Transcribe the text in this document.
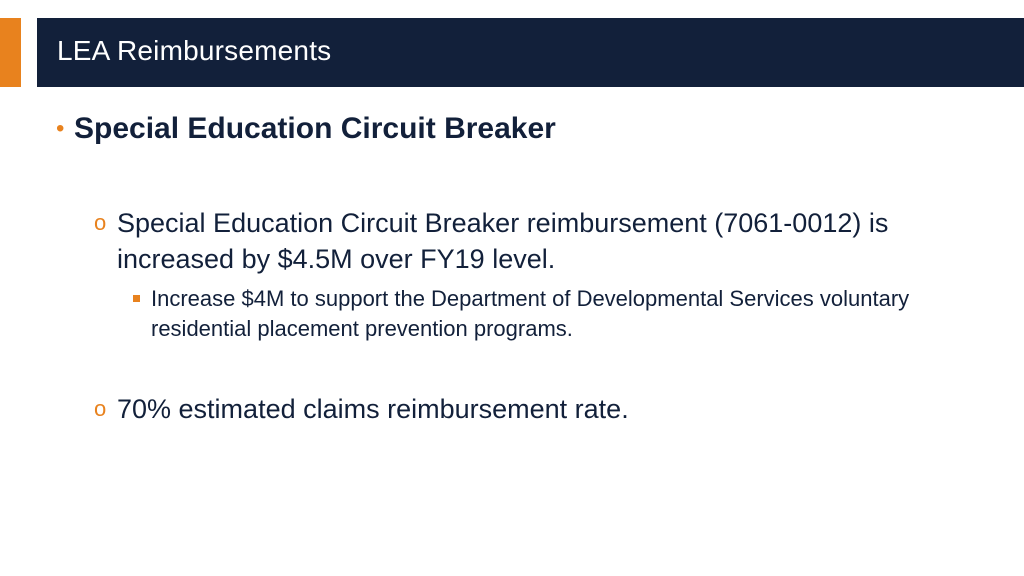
LEA Reimbursements
• Special Education Circuit Breaker
o Special Education Circuit Breaker reimbursement (7061-0012) is increased by $4.5M over FY19 level.
Increase $4M to support the Department of Developmental Services voluntary residential placement prevention programs.
o 70% estimated claims reimbursement rate.
